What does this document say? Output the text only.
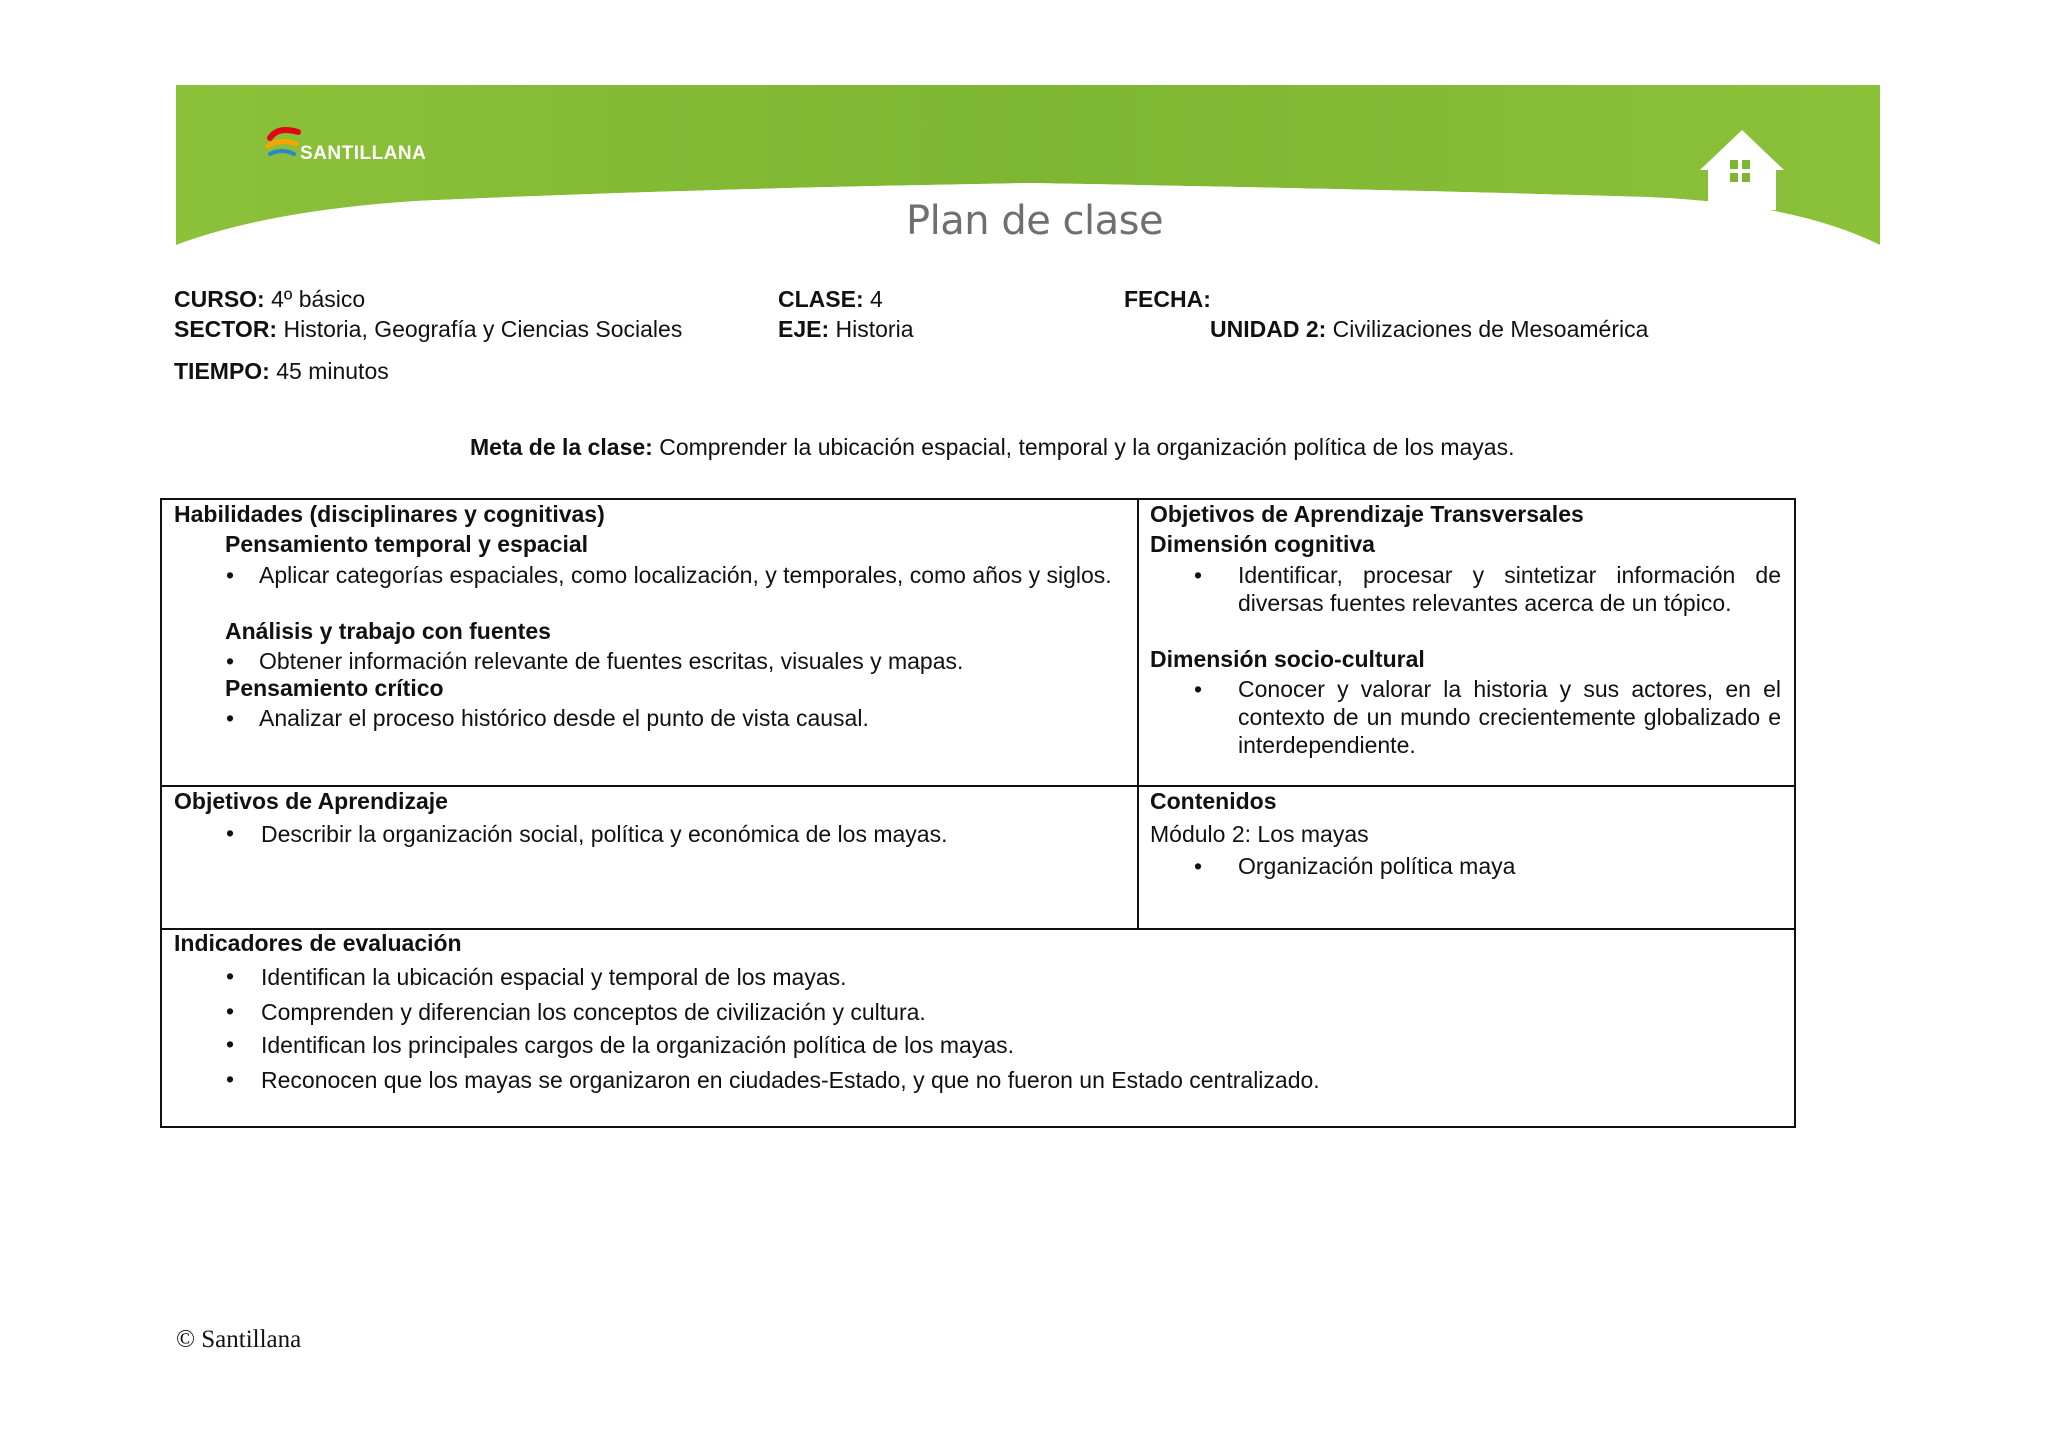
SANTILLANA
Plan de clase
CURSO: 4º básico
SECTOR: Historia, Geografía y Ciencias Sociales
TIEMPO: 45 minutos
CLASE: 4
EJE: Historia
FECHA:
UNIDAD 2: Civilizaciones de Mesoamérica
Meta de la clase: Comprender la ubicación espacial, temporal y la organización política de los mayas.
Habilidades (disciplinares y cognitivas)
Pensamiento temporal y espacial
•	Aplicar categorías espaciales, como localización, y temporales, como años y siglos.
Análisis y trabajo con fuentes
• Obtener información relevante de fuentes escritas, visuales y mapas.
Pensamiento crítico
• Analizar el proceso histórico desde el punto de vista causal.
Objetivos de Aprendizaje Transversales
Dimensión cognitiva
• Identificar, procesar y sintetizar información de diversas fuentes relevantes acerca de un tópico.
Dimensión socio-cultural
• Conocer y valorar la historia y sus actores, en el contexto de un mundo crecientemente globalizado e interdependiente.
Objetivos de Aprendizaje
• Describir la organización social, política y económica de los mayas.
Contenidos
Módulo 2: Los mayas
• Organización política maya
Indicadores de evaluación
• Identifican la ubicación espacial y temporal de los mayas.
• Comprenden y diferencian los conceptos de civilización y cultura.
• Identifican los principales cargos de la organización política de los mayas.
• Reconocen que los mayas se organizaron en ciudades-Estado, y que no fueron un Estado centralizado.
© Santillana
